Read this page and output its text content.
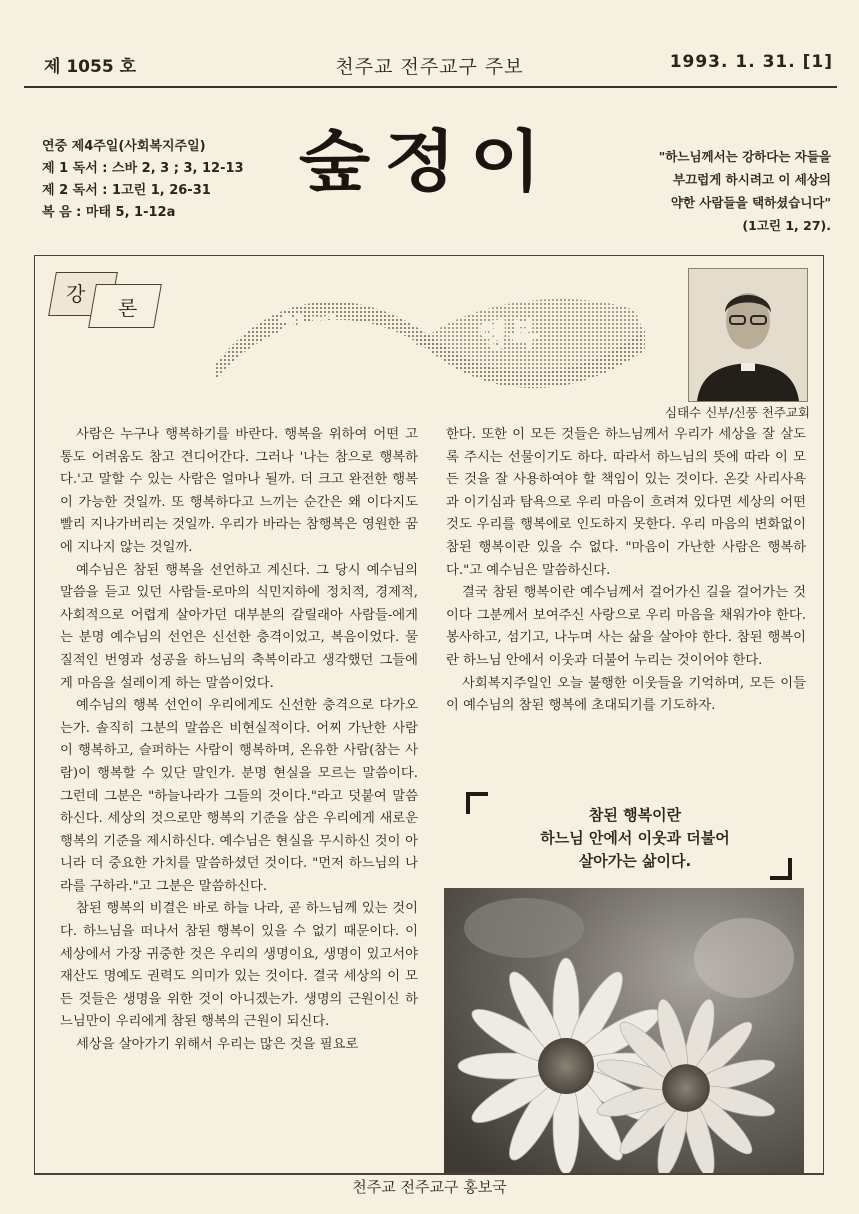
제 1055 호	천주교 전주교구 주보	1993. 1. 31. [1]
연중 제4주일(사회복지주일)
제 1 독서 : 스바 2, 3 ; 3, 12-13
제 2 독서 : 1고린 1, 26-31
복 음 : 마태 5, 1-12a
숲정이	"하느님께서는 강하다는 자들을
부끄럽게 하시려고 이 세상의
약한 사람들을 택하셨습니다"
(1고린 1, 27).
강
론
참된	행복
심태수 신부/신풍 천주교회

사람은 누구나 행복하기를 바란다. 행복을 위하여 어떤 고통도 어려움도 참고 견디어간다. 그러나 '나는 참으로 행복하다.'고 말할 수 있는 사람은 얼마나 될까. 더 크고 완전한 행복이 가능한 것일까. 또 행복하다고 느끼는 순간은 왜 이다지도 빨리 지나가버리는 것일까. 우리가 바라는 참행복은 영원한 꿈에 지나지 않는 것일까.

예수님은 참된 행복을 선언하고 계신다. 그 당시 예수님의 말씀을 듣고 있던 사람들-로마의 식민지하에 정치적, 경제적, 사회적으로 어렵게 살아가던 대부분의 갈릴래아 사람들-에게는 분명 예수님의 선언은 신선한 충격이었고, 복음이었다. 물질적인 번영과 성공을 하느님의 축복이라고 생각했던 그들에게 마음을 설레이게 하는 말씀이었다.

예수님의 행복 선언이 우리에게도 신선한 충격으로 다가오는가. 솔직히 그분의 말씀은 비현실적이다. 어찌 가난한 사람이 행복하고, 슬퍼하는 사람이 행복하며, 온유한 사람(참는 사람)이 행복할 수 있단 말인가. 분명 현실을 모르는 말씀이다. 그런데 그분은 "하늘나라가 그들의 것이다."라고 덧붙여 말씀하신다. 세상의 것으로만 행복의 기준을 삼은 우리에게 새로운 행복의 기준을 제시하신다. 예수님은 현실을 무시하신 것이 아니라 더 중요한 가치를 말씀하셨던 것이다. "먼저 하느님의 나라를 구하라."고 그분은 말씀하신다.

참된 행복의 비결은 바로 하늘 나라, 곧 하느님께 있는 것이다. 하느님을 떠나서 참된 행복이 있을 수 없기 때문이다. 이 세상에서 가장 귀중한 것은 우리의 생명이요, 생명이 있고서야 재산도 명예도 권력도 의미가 있는 것이다. 결국 세상의 이 모든 것들은 생명을 위한 것이 아니겠는가. 생명의 근원이신 하느님만이 우리에게 참된 행복의 근원이 되신다.

세상을 살아가기 위해서 우리는 많은 것을 필요로

한다. 또한 이 모든 것들은 하느님께서 우리가 세상을 잘 살도록 주시는 선물이기도 하다. 따라서 하느님의 뜻에 따라 이 모든 것을 잘 사용하여야 할 책임이 있는 것이다. 온갖 사리사욕과 이기심과 탐욕으로 우리 마음이 흐려져 있다면 세상의 어떤 것도 우리를 행복에로 인도하지 못한다. 우리 마음의 변화없이 참된 행복이란 있을 수 없다. "마음이 가난한 사람은 행복하다."고 예수님은 말씀하신다.

결국 참된 행복이란 예수님께서 걸어가신 길을 걸어가는 것이다 그분께서 보여주신 사랑으로 우리 마음을 채워가야 한다. 봉사하고, 섬기고, 나누며 사는 삶을 살아야 한다. 참된 행복이란 하느님 안에서 이웃과 더불어 누리는 것이어야 한다.

사회복지주일인 오늘 불행한 이웃들을 기억하며, 모든 이들이 예수님의 참된 행복에 초대되기를 기도하자.

참된 행복이란
하느님 안에서 이웃과 더불어
살아가는 삶이다.
천주교 전주교구 홍보국
